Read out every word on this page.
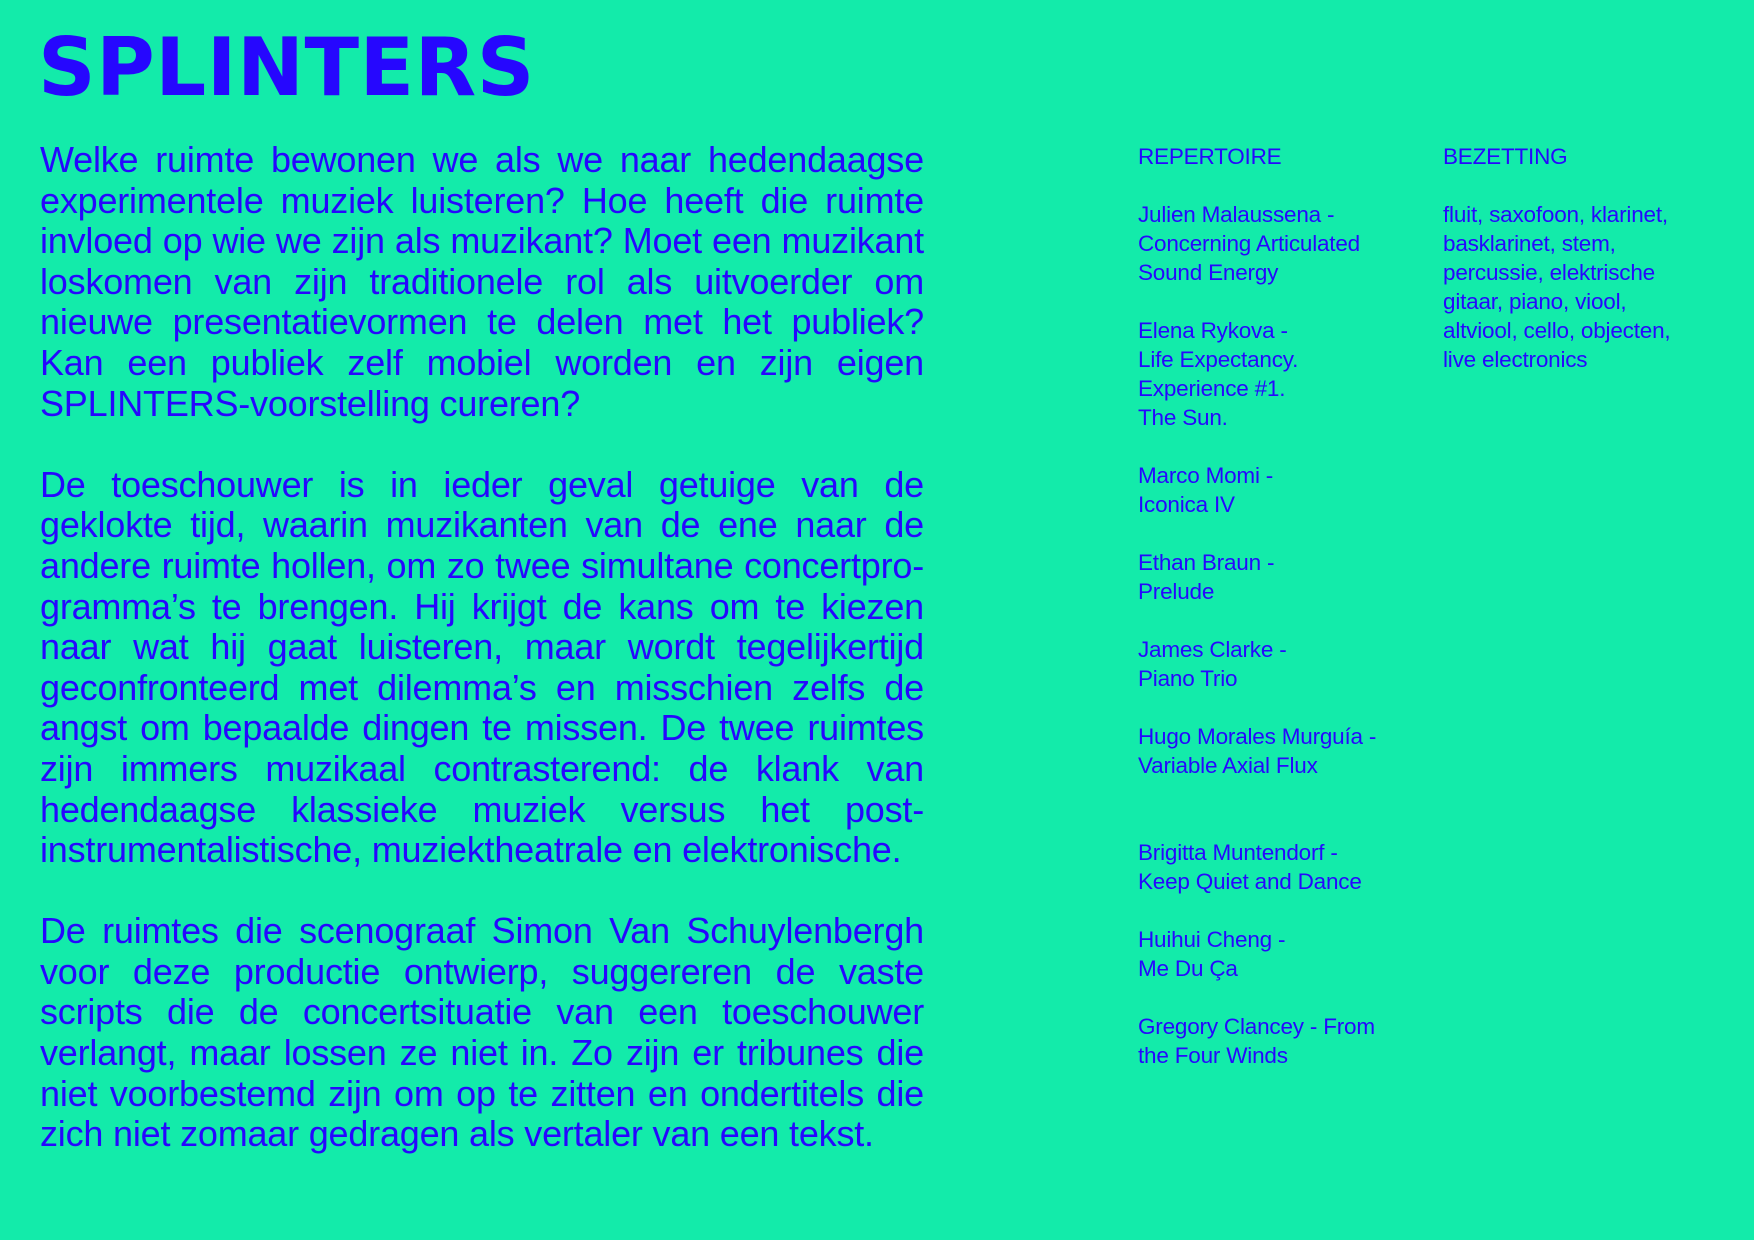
SPLINTERS

Welke ruimte bewonen we als we naar hedendaagse experimentele muziek luisteren? Hoe heeft die ruimte invloed op wie we zijn als muzikant? Moet een muzikant loskomen van zijn traditionele rol als uitvoerder om nieuwe presentatievormen te delen met het publiek? Kan een publiek zelf mobiel worden en zijn eigen SPLINTERS-voorstelling cureren?

De toeschouwer is in ieder geval getuige van de geklokte tijd, waarin muzikanten van de ene naar de andere ruimte hollen, om zo twee simultane concertpro-gramma’s te brengen. Hij krijgt de kans om te kiezen naar wat hij gaat luisteren, maar wordt tegelijkertijd geconfronteerd met dilemma’s en misschien zelfs de angst om bepaalde dingen te missen. De twee ruimtes zijn immers muzikaal contrasterend: de klank van hedendaagse klassieke muziek versus het post-instrumentalistische, muziektheatrale en elektronische.

De ruimtes die scenograaf Simon Van Schuylenbergh voor deze productie ontwierp, suggereren de vaste scripts die de concertsituatie van een toeschouwer verlangt, maar lossen ze niet in. Zo zijn er tribunes die niet voorbestemd zijn om op te zitten en ondertitels die zich niet zomaar gedragen als vertaler van een tekst.

REPERTOIRE
Julien Malaussena -
Concerning Articulated
Sound Energy
Elena Rykova -
Life Expectancy.
Experience #1.
The Sun.
Marco Momi -
Iconica IV
Ethan Braun -
Prelude
James Clarke -
Piano Trio
Hugo Morales Murguía -
Variable Axial Flux
Brigitta Muntendorf -
Keep Quiet and Dance
Huihui Cheng -
Me Du Ça
Gregory Clancey - From
the Four Winds
BEZETTING
fluit, saxofoon, klarinet,
basklarinet, stem,
percussie, elektrische
gitaar, piano, viool,
altviool, cello, objecten,
live electronics
